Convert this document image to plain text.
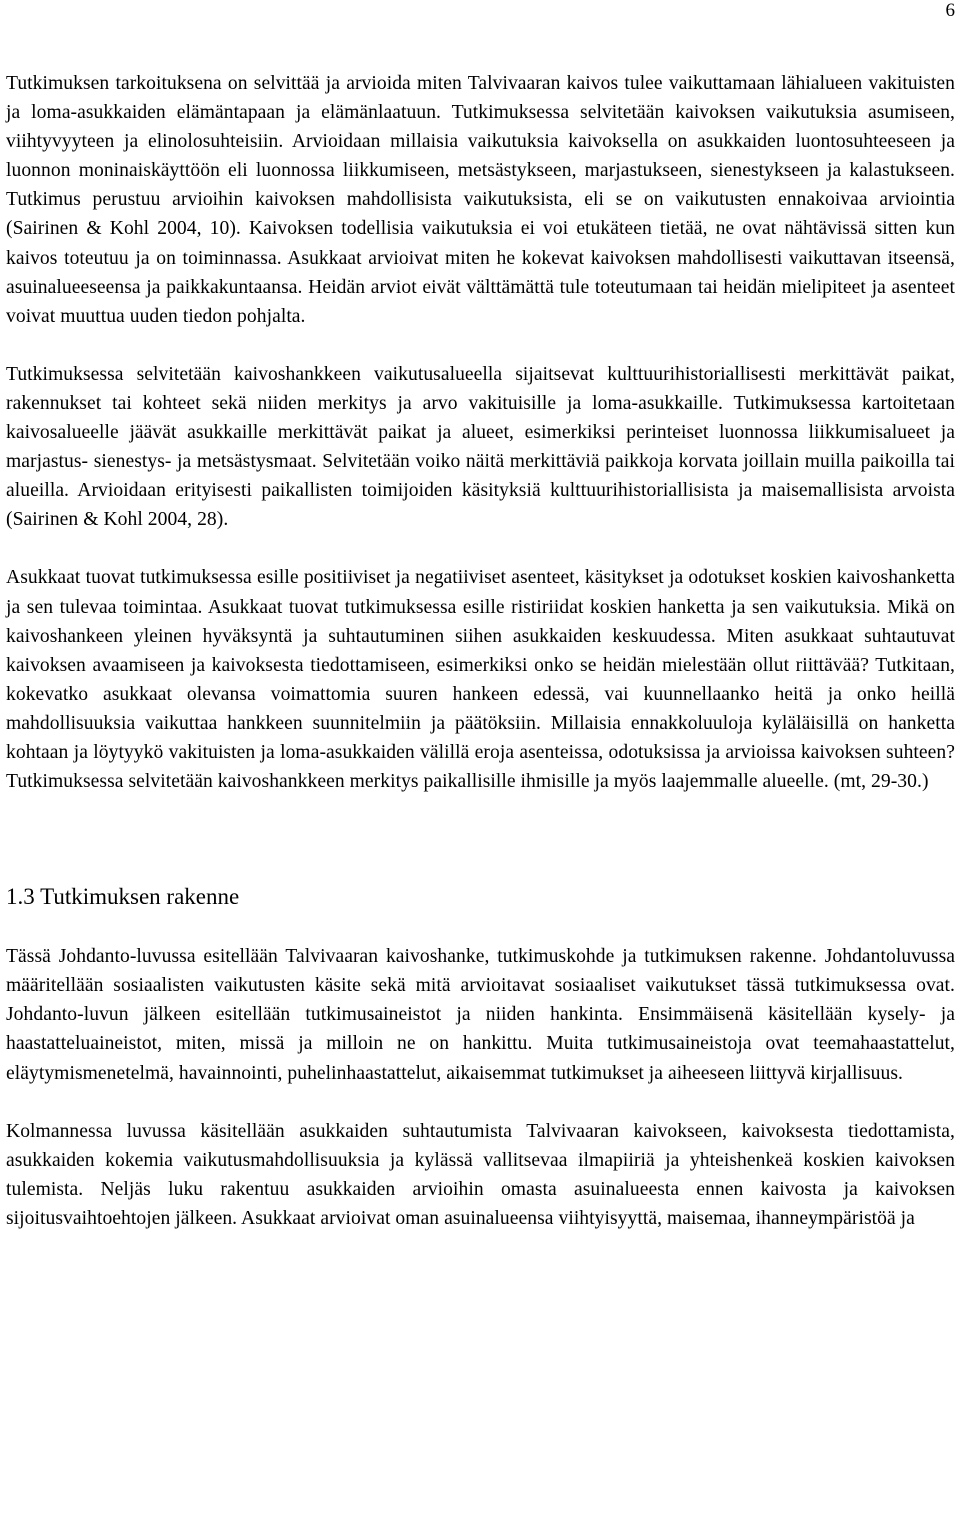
6

Tutkimuksen tarkoituksena on selvittää ja arvioida miten Talvivaaran kaivos tulee vaikuttamaan lähialueen vakituisten ja loma-asukkaiden elämäntapaan ja elämänlaatuun. Tutkimuksessa selvitetään kaivoksen vaikutuksia asumiseen, viihtyvyyteen ja elinolosuhteisiin. Arvioidaan millaisia vaikutuksia kaivoksella on asukkaiden luontosuhteeseen ja luonnon moninaiskäyttöön eli luonnossa liikkumiseen, metsästykseen, marjastukseen, sienestykseen ja kalastukseen. Tutkimus perustuu arvioihin kaivoksen mahdollisista vaikutuksista, eli se on vaikutusten ennakoivaa arviointia (Sairinen & Kohl 2004, 10). Kaivoksen todellisia vaikutuksia ei voi etukäteen tietää, ne ovat nähtävissä sitten kun kaivos toteutuu ja on toiminnassa. Asukkaat arvioivat miten he kokevat kaivoksen mahdollisesti vaikuttavan itseensä, asuinalueeseensa ja paikkakuntaansa. Heidän arviot eivät välttämättä tule toteutumaan tai heidän mielipiteet ja asenteet voivat muuttua uuden tiedon pohjalta.

Tutkimuksessa selvitetään kaivoshankkeen vaikutusalueella sijaitsevat kulttuurihistoriallisesti merkittävät paikat, rakennukset tai kohteet sekä niiden merkitys ja arvo vakituisille ja loma-asukkaille. Tutkimuksessa kartoitetaan kaivosalueelle jäävät asukkaille merkittävät paikat ja alueet, esimerkiksi perinteiset luonnossa liikkumisalueet ja marjastus- sienestys- ja metsästysmaat. Selvitetään voiko näitä merkittäviä paikkoja korvata joillain muilla paikoilla tai alueilla. Arvioidaan erityisesti paikallisten toimijoiden käsityksiä kulttuurihistoriallisista ja maisemallisista arvoista (Sairinen & Kohl 2004, 28).

Asukkaat tuovat tutkimuksessa esille positiiviset ja negatiiviset asenteet, käsitykset ja odotukset koskien kaivoshanketta ja sen tulevaa toimintaa. Asukkaat tuovat tutkimuksessa esille ristiriidat koskien hanketta ja sen vaikutuksia. Mikä on kaivoshankeen yleinen hyväksyntä ja suhtautuminen siihen asukkaiden keskuudessa. Miten asukkaat suhtautuvat kaivoksen avaamiseen ja kaivoksesta tiedottamiseen, esimerkiksi onko se heidän mielestään ollut riittävää? Tutkitaan, kokevatko asukkaat olevansa voimattomia suuren hankeen edessä, vai kuunnellaanko heitä ja onko heillä mahdollisuuksia vaikuttaa hankkeen suunnitelmiin ja päätöksiin. Millaisia ennakkoluuloja kyläläisillä on hanketta kohtaan ja löytyykö vakituisten ja loma-asukkaiden välillä eroja asenteissa, odotuksissa ja arvioissa kaivoksen suhteen? Tutkimuksessa selvitetään kaivoshankkeen merkitys paikallisille ihmisille ja myös laajemmalle alueelle. (mt, 29-30.)

1.3 Tutkimuksen rakenne

Tässä Johdanto-luvussa esitellään Talvivaaran kaivoshanke, tutkimuskohde ja tutkimuksen rakenne. Johdantoluvussa määritellään sosiaalisten vaikutusten käsite sekä mitä arvioitavat sosiaaliset vaikutukset tässä tutkimuksessa ovat. Johdanto-luvun jälkeen esitellään tutkimusaineistot ja niiden hankinta. Ensimmäisenä käsitellään kysely- ja haastatteluaineistot, miten, missä ja milloin ne on hankittu. Muita tutkimusaineistoja ovat teemahaastattelut, eläytymismenetelmä, havainnointi, puhelinhaastattelut, aikaisemmat tutkimukset ja aiheeseen liittyvä kirjallisuus.

Kolmannessa luvussa käsitellään asukkaiden suhtautumista Talvivaaran kaivokseen, kaivoksesta tiedottamista, asukkaiden kokemia vaikutusmahdollisuuksia ja kylässä vallitsevaa ilmapiiriä ja yhteishenkeä koskien kaivoksen tulemista. Neljäs luku rakentuu asukkaiden arvioihin omasta asuinalueesta ennen kaivosta ja kaivoksen sijoitusvaihtoehtojen jälkeen. Asukkaat arvioivat oman asuinalueensa viihtyisyyttä, maisemaa, ihanneympäristöä ja
